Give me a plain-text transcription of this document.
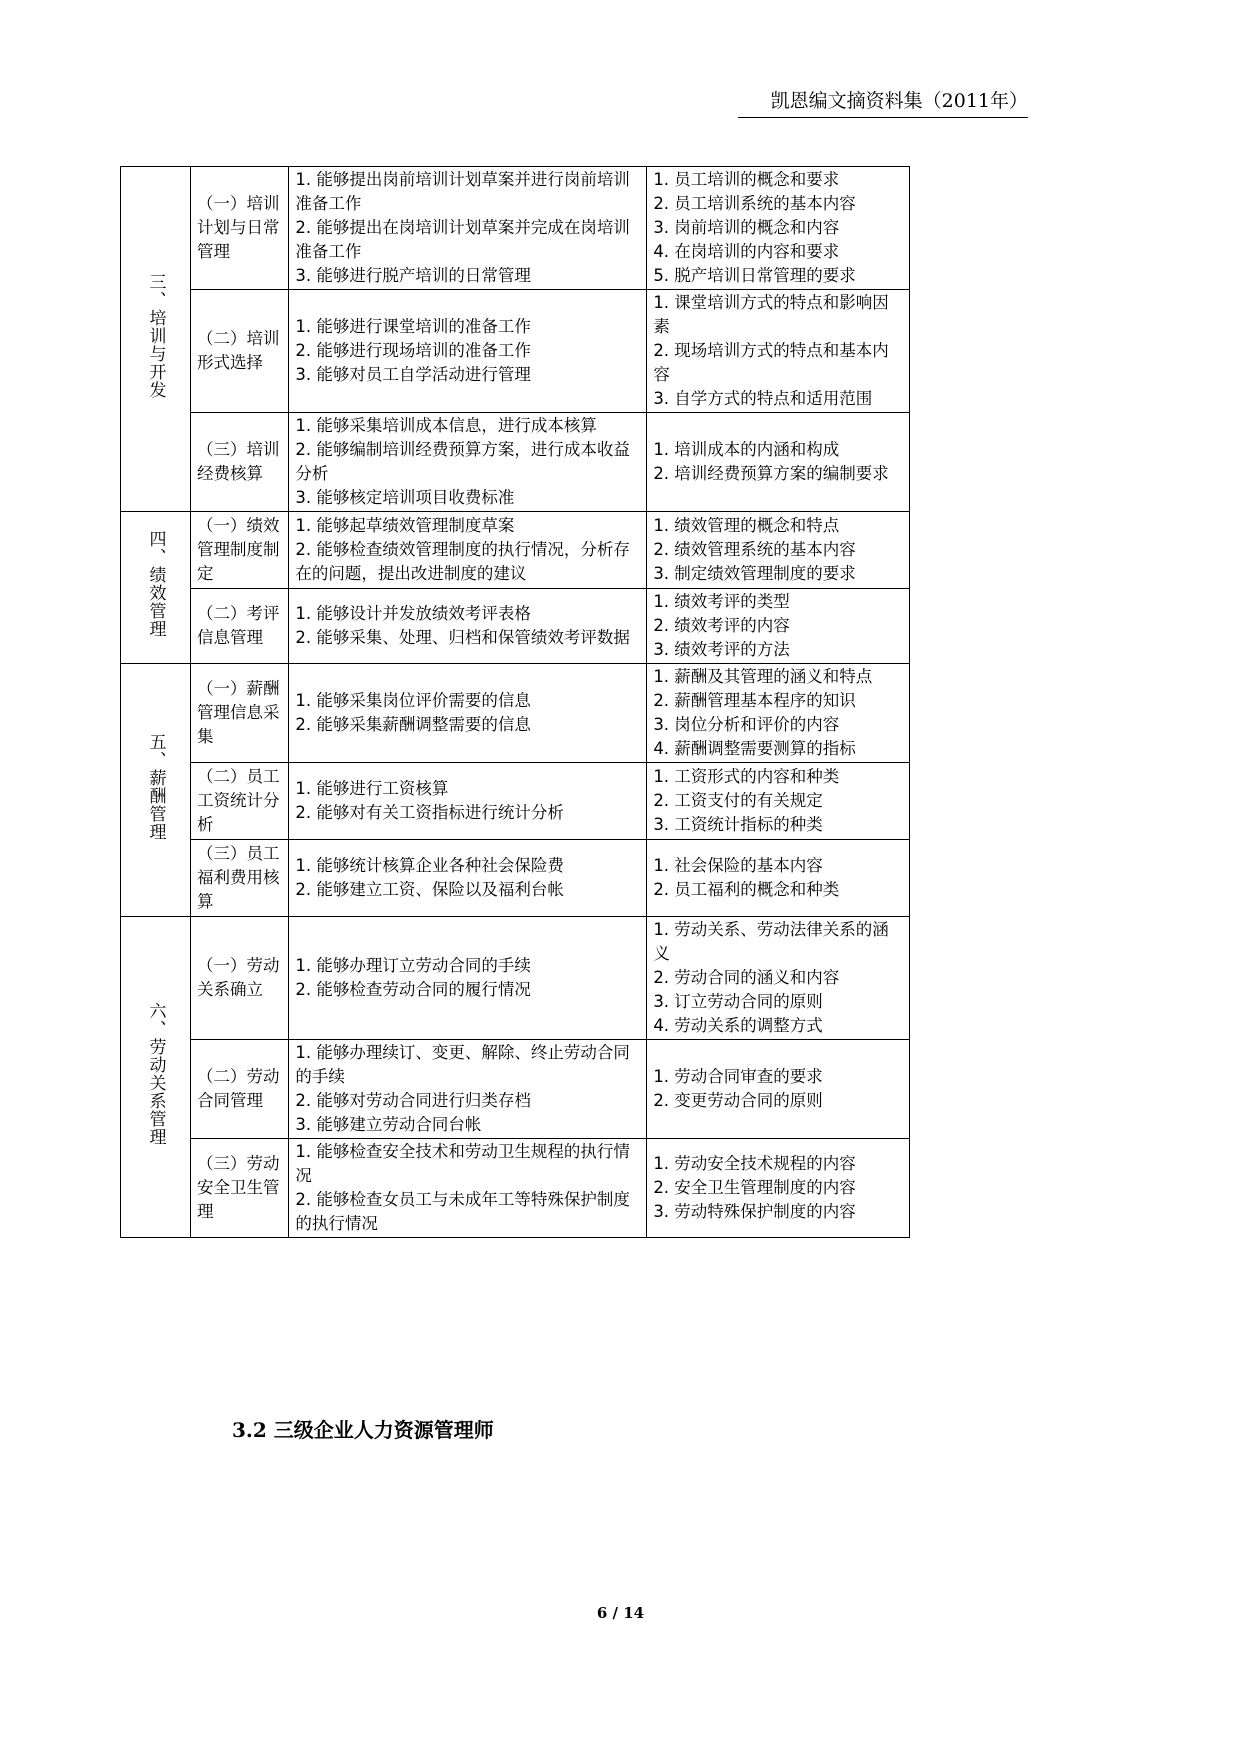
凯恩编文摘资料集（2011年）
三、培训与开发	（一）培训计划与日常管理	1. 能够提出岗前培训计划草案并进行岗前培训准备工作
2. 能够提出在岗培训计划草案并完成在岗培训准备工作
3. 能够进行脱产培训的日常管理	1. 员工培训的概念和要求
2. 员工培训系统的基本内容
3. 岗前培训的概念和内容
4. 在岗培训的内容和要求
5. 脱产培训日常管理的要求

	（二）培训形式选择	1. 能够进行课堂培训的准备工作
2. 能够进行现场培训的准备工作
3. 能够对员工自学活动进行管理	1. 课堂培训方式的特点和影响因素
2. 现场培训方式的特点和基本内容
3. 自学方式的特点和适用范围

	（三）培训经费核算	1. 能够采集培训成本信息，进行成本核算
2. 能够编制培训经费预算方案，进行成本收益分析
3. 能够核定培训项目收费标准	1. 培训成本的内涵和构成
2. 培训经费预算方案的编制要求

四、绩效管理	（一）绩效管理制度制定	1. 能够起草绩效管理制度草案
2. 能够检查绩效管理制度的执行情况，分析存在的问题，提出改进制度的建议	1. 绩效管理的概念和特点
2. 绩效管理系统的基本内容
3. 制定绩效管理制度的要求

	（二）考评信息管理	1. 能够设计并发放绩效考评表格
2. 能够采集、处理、归档和保管绩效考评数据	1. 绩效考评的类型
2. 绩效考评的内容
3. 绩效考评的方法

五、薪酬管理	（一）薪酬管理信息采集	1. 能够采集岗位评价需要的信息
2. 能够采集薪酬调整需要的信息	1. 薪酬及其管理的涵义和特点
2. 薪酬管理基本程序的知识
3. 岗位分析和评价的内容
4. 薪酬调整需要测算的指标

	（二）员工工资统计分析	1. 能够进行工资核算
2. 能够对有关工资指标进行统计分析	1. 工资形式的内容和种类
2. 工资支付的有关规定
3. 工资统计指标的种类

	（三）员工福利费用核算	1. 能够统计核算企业各种社会保险费
2. 能够建立工资、保险以及福利台帐	1. 社会保险的基本内容
2. 员工福利的概念和种类

六、劳动关系管理	（一）劳动关系确立	1. 能够办理订立劳动合同的手续
2. 能够检查劳动合同的履行情况	1. 劳动关系、劳动法律关系的涵义
2. 劳动合同的涵义和内容
3. 订立劳动合同的原则
4. 劳动关系的调整方式

	（二）劳动合同管理	1. 能够办理续订、变更、解除、终止劳动合同的手续
2. 能够对劳动合同进行归类存档
3. 能够建立劳动合同台帐	1. 劳动合同审查的要求
2. 变更劳动合同的原则

	（三）劳动安全卫生管理	1. 能够检查安全技术和劳动卫生规程的执行情况
2. 能够检查女员工与未成年工等特殊保护制度的执行情况	1. 劳动安全技术规程的内容
2. 安全卫生管理制度的内容
3. 劳动特殊保护制度的内容
3.2 三级企业人力资源管理师
6 / 14
